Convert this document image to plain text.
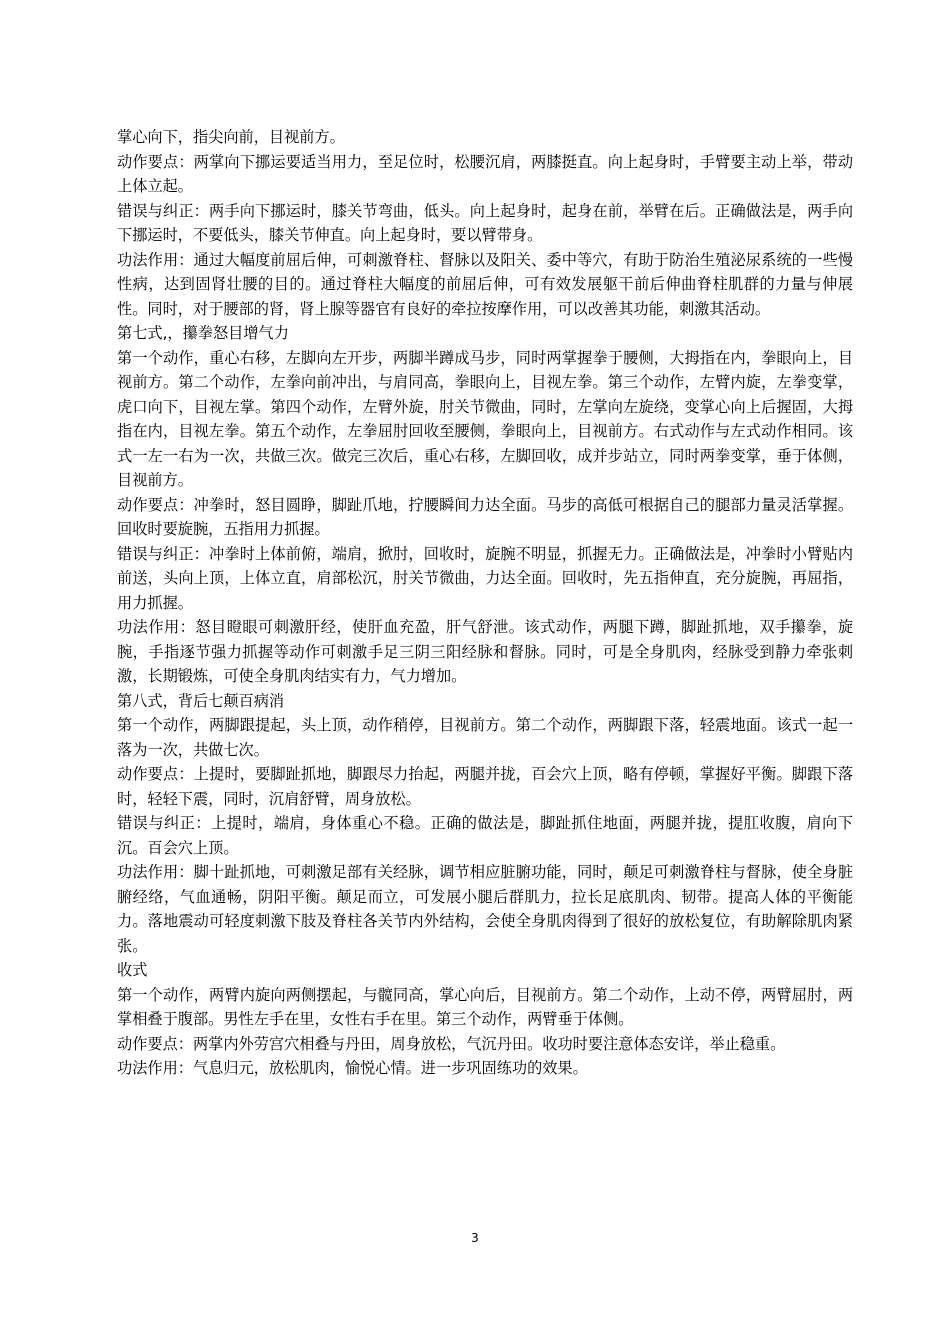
掌心向下，指尖向前，目视前方。

动作要点：两掌向下挪运要适当用力，至足位时，松腰沉肩，两膝挺直。向上起身时，手臂要主动上举，带动上体立起。

错误与纠正：两手向下挪运时，膝关节弯曲，低头。向上起身时，起身在前，举臂在后。正确做法是，两手向下挪运时，不要低头，膝关节伸直。向上起身时，要以臂带身。

功法作用：通过大幅度前屈后伸，可刺激脊柱、督脉以及阳关、委中等穴，有助于防治生殖泌尿系统的一些慢性病，达到固肾壮腰的目的。通过脊柱大幅度的前屈后伸，可有效发展躯干前后伸曲脊柱肌群的力量与伸展性。同时，对于腰部的肾，肾上腺等器官有良好的牵拉按摩作用，可以改善其功能，刺激其活动。

第七式,，攥拳怒目增气力

第一个动作，重心右移，左脚向左开步，两脚半蹲成马步，同时两掌握拳于腰侧，大拇指在内，拳眼向上，目视前方。第二个动作，左拳向前冲出，与肩同高，拳眼向上，目视左拳。第三个动作，左臂内旋，左拳变掌，虎口向下，目视左掌。第四个动作，左臂外旋，肘关节微曲，同时，左掌向左旋绕，变掌心向上后握固，大拇指在内，目视左拳。第五个动作，左拳屈肘回收至腰侧，拳眼向上，目视前方。右式动作与左式动作相同。该式一左一右为一次，共做三次。做完三次后，重心右移，左脚回收，成并步站立，同时两拳变掌，垂于体侧，目视前方。

动作要点：冲拳时，怒目圆睁，脚趾爪地，拧腰瞬间力达全面。马步的高低可根据自己的腿部力量灵活掌握。回收时要旋腕，五指用力抓握。

错误与纠正：冲拳时上体前俯，端肩，掀肘，回收时，旋腕不明显，抓握无力。正确做法是，冲拳时小臂贴内前送，头向上顶，上体立直，肩部松沉，肘关节微曲，力达全面。回收时，先五指伸直，充分旋腕，再屈指，用力抓握。

功法作用：怒目瞪眼可刺激肝经，使肝血充盈，肝气舒泄。该式动作，两腿下蹲，脚趾抓地，双手攥拳，旋腕，手指逐节强力抓握等动作可刺激手足三阴三阳经脉和督脉。同时，可是全身肌肉，经脉受到静力牵张刺激，长期锻炼，可使全身肌肉结实有力，气力增加。

第八式，背后七颠百病消

第一个动作，两脚跟提起，头上顶，动作稍停，目视前方。第二个动作，两脚跟下落，轻震地面。该式一起一落为一次，共做七次。

动作要点：上提时，要脚趾抓地，脚跟尽力抬起，两腿并拢，百会穴上顶，略有停顿，掌握好平衡。脚跟下落时，轻轻下震，同时，沉肩舒臂，周身放松。

错误与纠正：上提时，端肩，身体重心不稳。正确的做法是，脚趾抓住地面，两腿并拢，提肛收腹，肩向下沉。百会穴上顶。

功法作用：脚十趾抓地，可刺激足部有关经脉，调节相应脏腑功能，同时，颠足可刺激脊柱与督脉，使全身脏腑经络，气血通畅，阴阳平衡。颠足而立，可发展小腿后群肌力，拉长足底肌肉、韧带。提高人体的平衡能力。落地震动可轻度刺激下肢及脊柱各关节内外结构，会使全身肌肉得到了很好的放松复位，有助解除肌肉紧张。

收式

第一个动作，两臂内旋向两侧摆起，与髋同高，掌心向后，目视前方。第二个动作，上动不停，两臂屈肘，两掌相叠于腹部。男性左手在里，女性右手在里。第三个动作，两臂垂于体侧。

动作要点：两掌内外劳宫穴相叠与丹田，周身放松，气沉丹田。收功时要注意体态安详，举止稳重。

功法作用：气息归元，放松肌肉，愉悦心情。进一步巩固练功的效果。

3
